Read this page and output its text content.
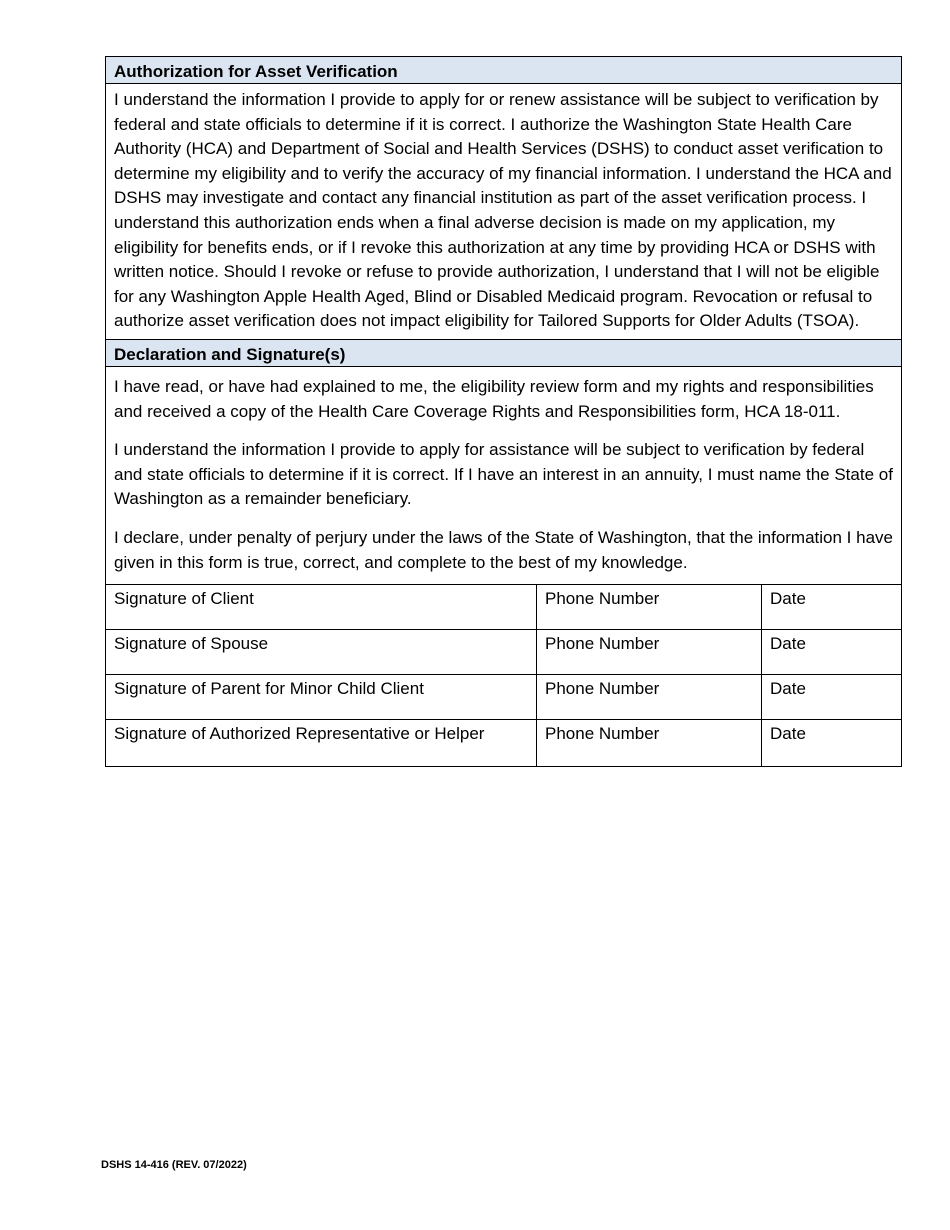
Authorization for Asset Verification

I understand the information I provide to apply for or renew assistance will be subject to verification by federal and state officials to determine if it is correct. I authorize the Washington State Health Care Authority (HCA) and Department of Social and Health Services (DSHS) to conduct asset verification to determine my eligibility and to verify the accuracy of my financial information. I understand the HCA and DSHS may investigate and contact any financial institution as part of the asset verification process. I understand this authorization ends when a final adverse decision is made on my application, my eligibility for benefits ends, or if I revoke this authorization at any time by providing HCA or DSHS with written notice. Should I revoke or refuse to provide authorization, I understand that I will not be eligible for any Washington Apple Health Aged, Blind or Disabled Medicaid program. Revocation or refusal to authorize asset verification does not impact eligibility for Tailored Supports for Older Adults (TSOA).

Declaration and Signature(s)

I have read, or have had explained to me, the eligibility review form and my rights and responsibilities and received a copy of the Health Care Coverage Rights and Responsibilities form, HCA 18-011.

I understand the information I provide to apply for assistance will be subject to verification by federal and state officials to determine if it is correct. If I have an interest in an annuity, I must name the State of Washington as a remainder beneficiary.

I declare, under penalty of perjury under the laws of the State of Washington, that the information I have given in this form is true, correct, and complete to the best of my knowledge.

Signature of Client	Phone Number	Date
Signature of Spouse	Phone Number	Date
Signature of Parent for Minor Child Client	Phone Number	Date
Signature of Authorized Representative or Helper	Phone Number	Date
DSHS 14-416 (REV. 07/2022)
